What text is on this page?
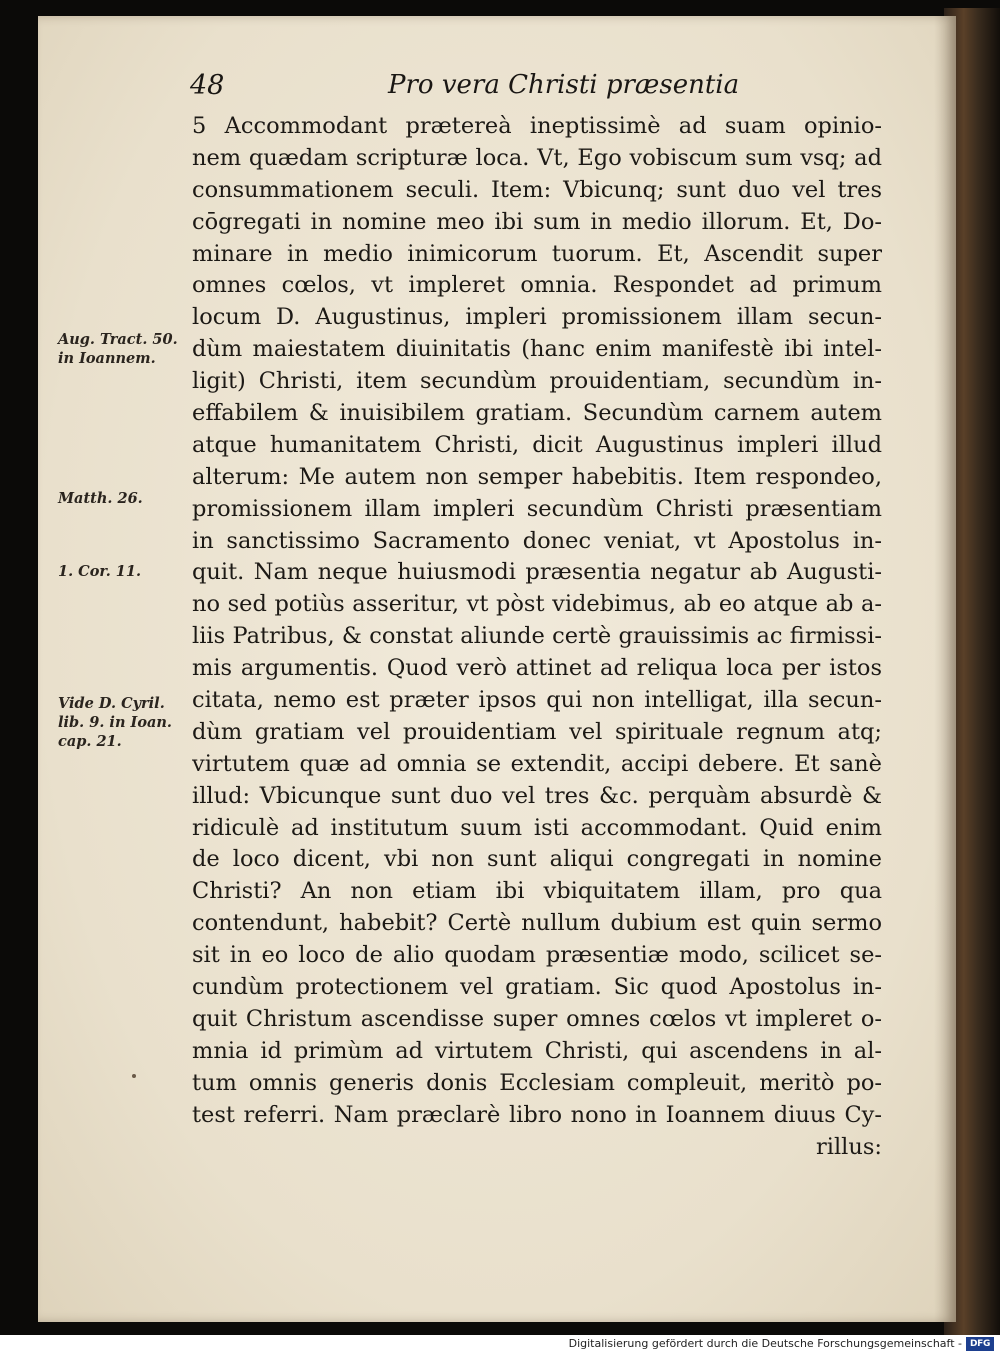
48	Pro vera Christi præsentia
5 Accommodant prætereà ineptissimè ad suam opinio-
nem quædam scripturæ loca. Vt, Ego vobiscum sum vsq; ad
consummationem seculi. Item: Vbicunq; sunt duo vel tres
cōgregati in nomine meo ibi sum in medio illorum. Et, Do-
minare in medio inimicorum tuorum. Et, Ascendit super
omnes cœlos, vt impleret omnia. Respondet ad primum
locum D. Augustinus, impleri promissionem illam secun-
dùm maiestatem diuinitatis (hanc enim manifestè ibi intel-
ligit) Christi, item secundùm prouidentiam, secundùm in-
effabilem & inuisibilem gratiam. Secundùm carnem autem
atque humanitatem Christi, dicit Augustinus impleri illud
alterum: Me autem non semper habebitis. Item respondeo,
promissionem illam impleri secundùm Christi præsentiam
in sanctissimo Sacramento donec veniat, vt Apostolus in-
quit. Nam neque huiusmodi præsentia negatur ab Augusti-
no sed potiùs asseritur, vt pòst videbimus, ab eo atque ab a-
liis Patribus, & constat aliunde certè grauissimis ac firmissi-
mis argumentis. Quod verò attinet ad reliqua loca per istos
citata, nemo est præter ipsos qui non intelligat, illa secun-
dùm gratiam vel prouidentiam vel spirituale regnum atq;
virtutem quæ ad omnia se extendit, accipi debere. Et sanè
illud: Vbicunque sunt duo vel tres &c. perquàm absurdè &
ridiculè ad institutum suum isti accommodant. Quid enim
de loco dicent, vbi non sunt aliqui congregati in nomine
Christi? An non etiam ibi vbiquitatem illam, pro qua
contendunt, habebit? Certè nullum dubium est quin sermo
sit in eo loco de alio quodam præsentiæ modo, scilicet se-
cundùm protectionem vel gratiam. Sic quod Apostolus in-
quit Christum ascendisse super omnes cœlos vt impleret o-
mnia id primùm ad virtutem Christi, qui ascendens in al-
tum omnis generis donis Ecclesiam compleuit, meritò po-
test referri. Nam præclarè libro nono in Ioannem diuus Cy-
rillus:
Aug. Tract. 50.
in Ioannem.
Matth. 26.
1. Cor. 11.
Vide D. Cyril.
lib. 9. in Ioan.
cap. 21.
Digitalisierung gefördert durch die Deutsche Forschungsgemeinschaft - DFG
